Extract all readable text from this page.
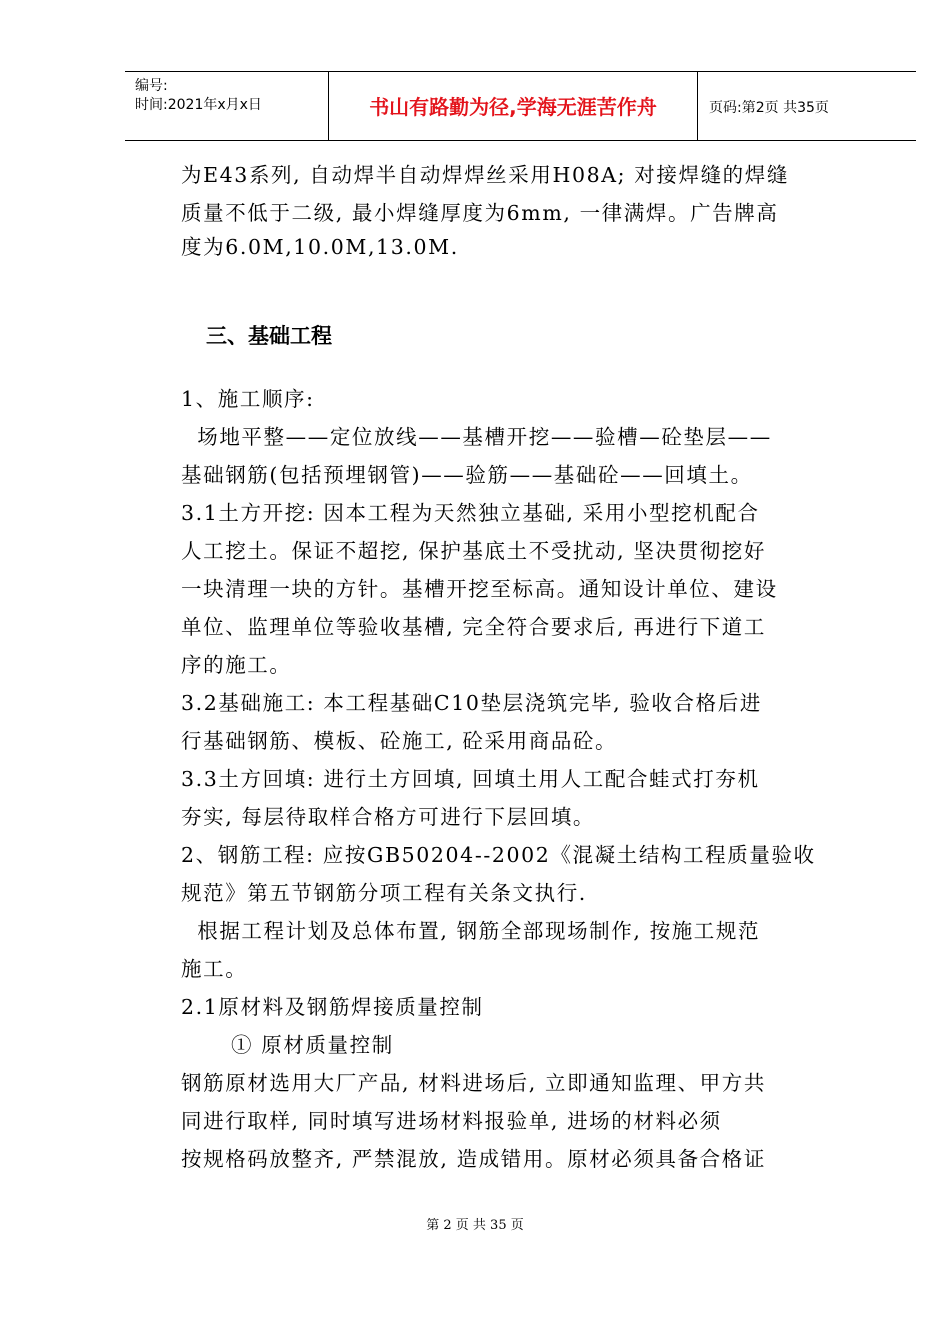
编号:
时间:2021年x月x日	书山有路勤为径,学海无涯苦作舟	页码:第2页 共35页
为E43系列, 自动焊半自动焊焊丝采用H08A; 对接焊缝的焊缝
质量不低于二级, 最小焊缝厚度为6mm, 一律满焊。广告牌高
度为6.0M,10.0M,13.0M.
三、基础工程
1、施工顺序:
场地平整——定位放线——基槽开挖——验槽—砼垫层——
基础钢筋(包括预埋钢管)——验筋——基础砼——回填土。
3.1土方开挖: 因本工程为天然独立基础, 采用小型挖机配合
人工挖土。保证不超挖, 保护基底土不受扰动, 坚决贯彻挖好
一块清理一块的方针。基槽开挖至标高。通知设计单位、建设
单位、监理单位等验收基槽, 完全符合要求后, 再进行下道工
序的施工。
3.2基础施工: 本工程基础C10垫层浇筑完毕, 验收合格后进
行基础钢筋、模板、砼施工, 砼采用商品砼。
3.3土方回填: 进行土方回填, 回填土用人工配合蛙式打夯机
夯实, 每层待取样合格方可进行下层回填。
2、钢筋工程: 应按GB50204--2002《混凝土结构工程质量验收
规范》第五节钢筋分项工程有关条文执行.
根据工程计划及总体布置, 钢筋全部现场制作, 按施工规范
施工。
2.1原材料及钢筋焊接质量控制
① 原材质量控制
钢筋原材选用大厂产品, 材料进场后, 立即通知监理、甲方共
同进行取样, 同时填写进场材料报验单, 进场的材料必须
按规格码放整齐, 严禁混放, 造成错用。原材必须具备合格证
第 2 页 共 35 页
